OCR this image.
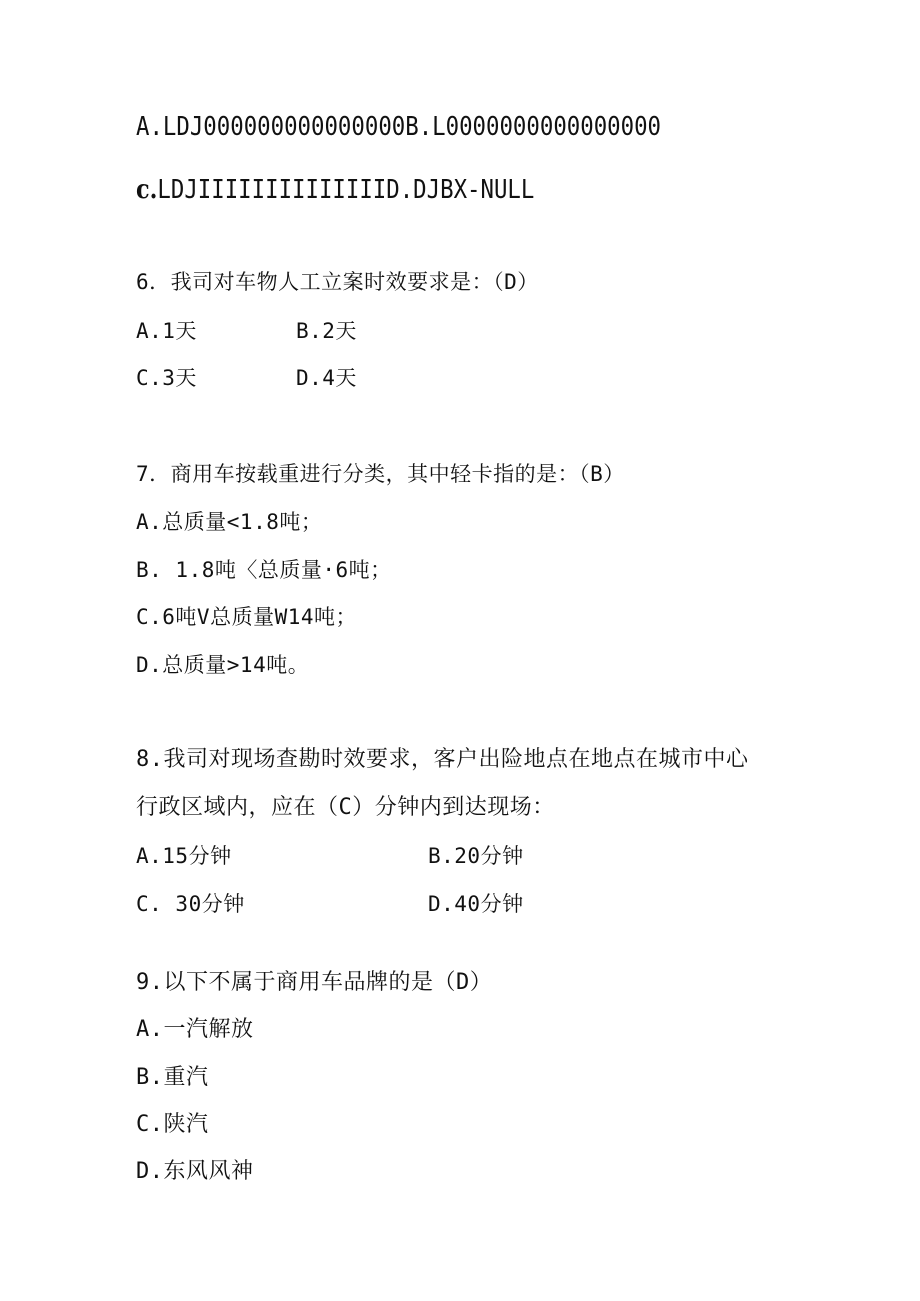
A.LDJ000000000000000B.L0000000000000000
c.LDJIIIIIIIIIIIIIID.DJBX-NULL
6．我司对车物人工立案时效要求是：（D）
A.1天	B.2天
C.3天	D.4天
7．商用车按载重进行分类，其中轻卡指的是：（B）
A.总质量<1.8吨；
B. 1.8吨〈总质量·6吨；
C.6吨V总质量W14吨；
D.总质量>14吨。
8.我司对现场查勘时效要求，客户出险地点在地点在城市中心
行政区域内，应在（C）分钟内到达现场：
A.15分钟	B.20分钟
C. 30分钟	D.40分钟
9.以下不属于商用车品牌的是（D）
A.一汽解放
B.重汽
C.陕汽
D.东风风神
